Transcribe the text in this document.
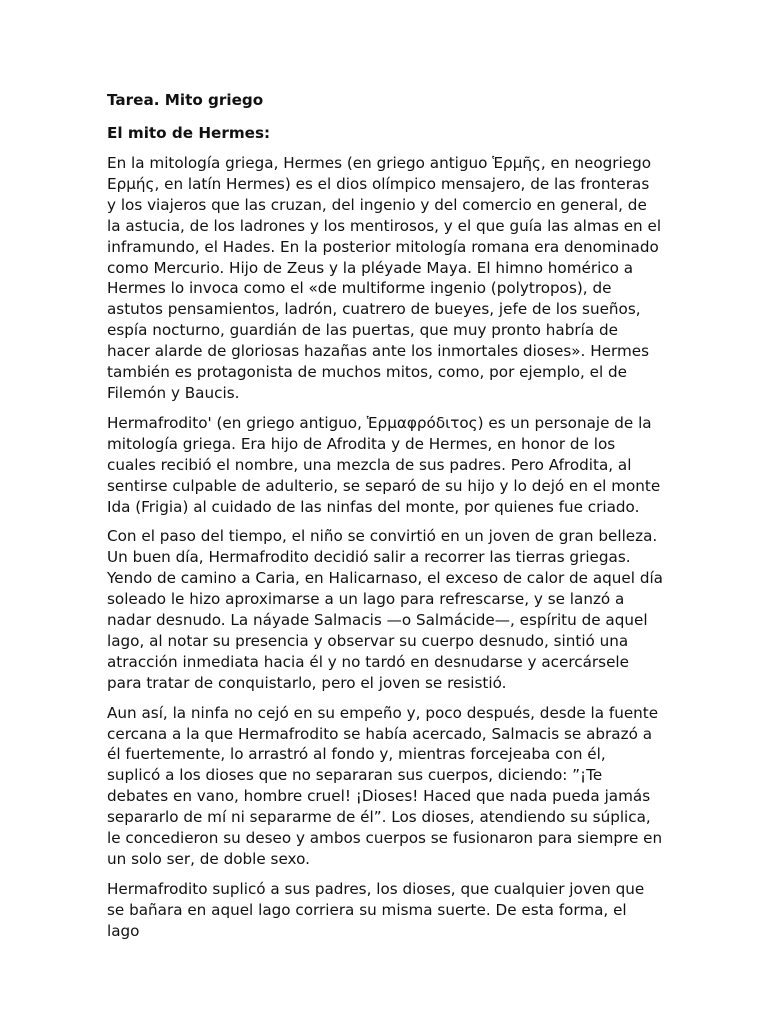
Tarea. Mito griego
El mito de Hermes:

En la mitología griega, Hermes (en griego antiguo Ἑρμῆς, en neogriego Ερμής, en latín Hermes) es el dios olímpico mensajero, de las fronteras y los viajeros que las cruzan, del ingenio y del comercio en general, de la astucia, de los ladrones y los mentirosos, y el que guía las almas en el inframundo, el Hades. En la posterior mitología romana era denominado como Mercurio. Hijo de Zeus y la pléyade Maya. El himno homérico a Hermes lo invoca como el «de multiforme ingenio (polytropos), de astutos pensamientos, ladrón, cuatrero de bueyes, jefe de los sueños, espía nocturno, guardián de las puertas, que muy pronto habría de hacer alarde de gloriosas hazañas ante los inmortales dioses». Hermes también es protagonista de muchos mitos, como, por ejemplo, el de Filemón y Baucis.

Hermafrodito' (en griego antiguo, Ἑρμαφρόδιτος) es un personaje de la mitología griega. Era hijo de Afrodita y de Hermes, en honor de los cuales recibió el nombre, una mezcla de sus padres. Pero Afrodita, al sentirse culpable de adulterio, se separó de su hijo y lo dejó en el monte Ida (Frigia) al cuidado de las ninfas del monte, por quienes fue criado.

Con el paso del tiempo, el niño se convirtió en un joven de gran belleza. Un buen día, Hermafrodito decidió salir a recorrer las tierras griegas. Yendo de camino a Caria, en Halicarnaso, el exceso de calor de aquel día soleado le hizo aproximarse a un lago para refrescarse, y se lanzó a nadar desnudo. La náyade Salmacis —o Salmácide—, espíritu de aquel lago, al notar su presencia y observar su cuerpo desnudo, sintió una atracción inmediata hacia él y no tardó en desnudarse y acercársele para tratar de conquistarlo, pero el joven se resistió.

Aun así, la ninfa no cejó en su empeño y, poco después, desde la fuente cercana a la que Hermafrodito se había acercado, Salmacis se abrazó a él fuertemente, lo arrastró al fondo y, mientras forcejeaba con él, suplicó a los dioses que no separaran sus cuerpos, diciendo: ”¡Te debates en vano, hombre cruel! ¡Dioses! Haced que nada pueda jamás separarlo de mí ni separarme de él”. Los dioses, atendiendo su súplica, le concedieron su deseo y ambos cuerpos se fusionaron para siempre en un solo ser, de doble sexo.

Hermafrodito suplicó a sus padres, los dioses, que cualquier joven que se bañara en aquel lago corriera su misma suerte. De esta forma, el lago
